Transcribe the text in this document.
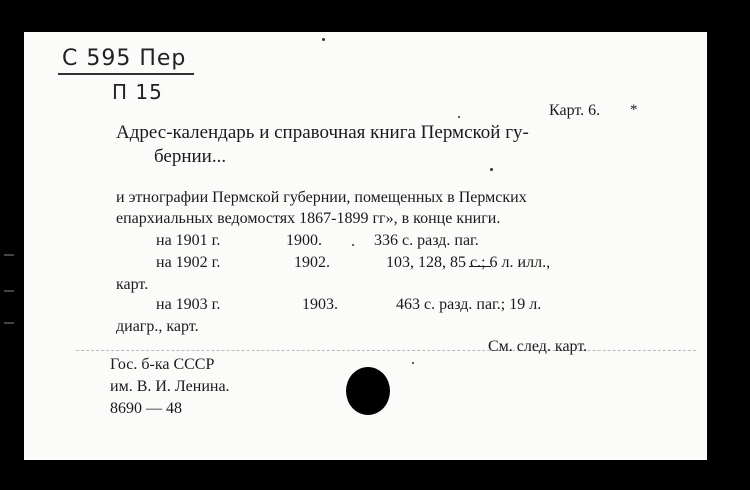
С 595 Пер
П 15
Карт. 6. *
Адрес-календарь и справочная книга Пермской гу-
бернии...
и этнографии Пермской губернии, помещенных в Пермских
епархиальных ведомостях 1867-1899 гг», в конце книги.
на 1901 г.	1900.	336 с. разд. паг.
на 1902 г.	1902.	103, 128, 85 с.; 6 л. илл.,
карт.
на 1903 г.	1903.	463 с. разд. паг.; 19 л.
диагр., карт.
См. след. карт.
Гос. б-ка СССР
им. В. И. Ленина.
8690 — 48
